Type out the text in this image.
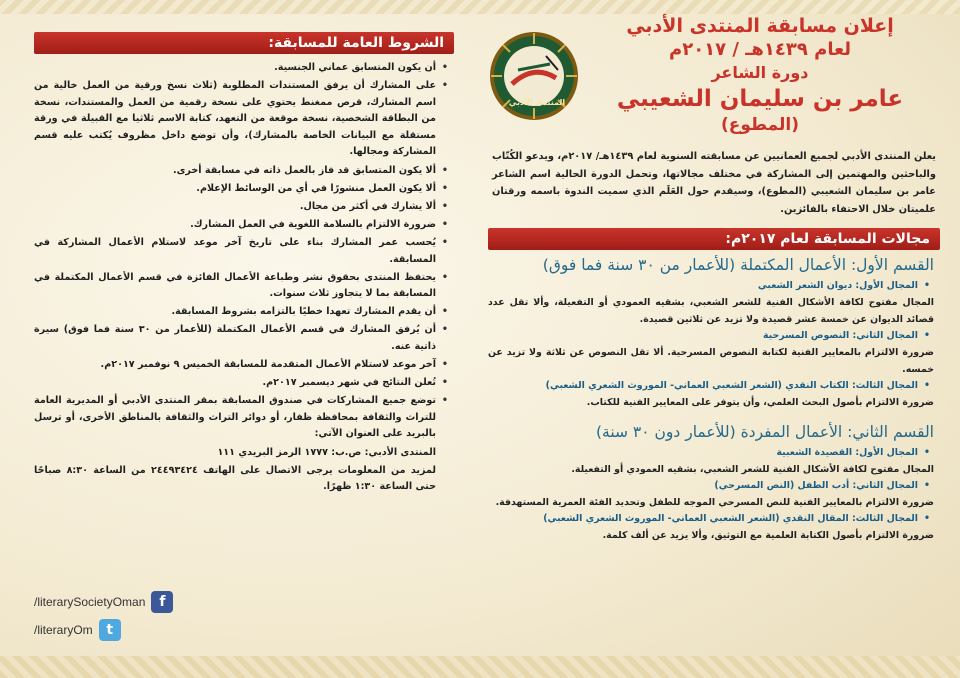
إعلان مسابقة المنتدى الأدبي
لعام ١٤٣٩هـ / ٢٠١٧م
دورة الشاعر
عامر بن سليمان الشعيبي
(المطوع)
المنتدى الأدبي
يعلن المنتدى الأدبي لجميع العمانيين عن مسابقته السنوية لعام ١٤٣٩هـ/ ٢٠١٧م، ويدعو الكُتّاب والباحثين والمهتمين إلى المشاركة في مختلف مجالاتها، وتحمل الدورة الحالية اسم الشاعر عامر بن سليمان الشعيبي (المطوع)، وسيقدم حول العَلَم الذي سميت الندوة باسمه ورقتان علميتان خلال الاحتفاء بالفائزين.
مجالات المسابقة لعام ٢٠١٧م:
القسم الأول: الأعمال المكتملة (للأعمار من ٣٠ سنة فما فوق)
• المجال الأول: ديوان الشعر الشعبي
المجال مفتوح لكافة الأشكال الفنية للشعر الشعبي، بشقيه العمودي أو التفعيلة، وألا تقل عدد قصائد الديوان عن خمسة عشر قصيدة ولا تزيد عن ثلاثين قصيدة.
• المجال الثاني: النصوص المسرحية
ضرورة الالتزام بالمعايير الفنية لكتابة النصوص المسرحية. ألا تقل النصوص عن ثلاثة ولا تزيد عن خمسه.
• المجال الثالث: الكتاب النقدي (الشعر الشعبي العماني- الموروث الشعري الشعبي)
ضرورة الالتزام بأصول البحث العلمي، وأن يتوفر على المعايير الفنية للكتاب.
القسم الثاني: الأعمال المفردة (للأعمار دون ٣٠ سنة)
• المجال الأول: القصيدة الشعبية
المجال مفتوح لكافة الأشكال الفنية للشعر الشعبي، بشقيه العمودي أو التفعيلة.
• المجال الثاني: أدب الطفل (النص المسرحي)
ضرورة الالتزام بالمعايير الفنية للنص المسرحي الموجه للطفل وتحديد الفئة العمرية المستهدفة.
• المجال الثالث: المقال النقدي (الشعر الشعبي العماني- الموروث الشعري الشعبي)
ضرورة الالتزام بأصول الكتابة العلمية مع التوثيق، وألا يزيد عن ألف كلمة.
الشروط العامة للمسابقة:
• أن يكون المتسابق عماني الجنسية.
• على المشارك أن يرفق المستندات المطلوبة (ثلاث نسخ ورقية من العمل خالية من اسم المشارك، قرص ممغنط يحتوي على نسخة رقمية من العمل والمستندات، نسخة من البطاقة الشخصية، نسخة موقعة من التعهد، كتابة الاسم ثلاثيا مع القبيلة في ورقة مستقلة مع البيانات الخاصة بالمشارك)، وأن توضع داخل مظروف يُكتب عليه قسم المشاركة ومجالها.
• ألا يكون المتسابق قد فاز بالعمل ذاته في مسابقة أخرى.
• ألا يكون العمل منشورًا في أي من الوسائط الإعلام.
• ألا يشارك في أكثر من مجال.
• ضرورة الالتزام بالسلامة اللغوية في العمل المشارك.
• يُحسب عمر المشارك بناء على تاريخ آخر موعد لاستلام الأعمال المشاركة في المسابقة.
• يحتفظ المنتدى بحقوق نشر وطباعة الأعمال الفائزة في قسم الأعمال المكتملة في المسابقة بما لا يتجاوز ثلاث سنوات.
• أن يقدم المشارك تعهدا خطيًا بالتزامه بشروط المسابقة.
• أن يُرفق المشارك في قسم الأعمال المكتملة (للأعمار من ٣٠ سنة فما فوق) سيرة ذاتية عنه.
• آخر موعد لاستلام الأعمال المتقدمة للمسابقة الخميس ٩ نوفمبر ٢٠١٧م.
• تُعلن النتائج في شهر ديسمبر ٢٠١٧م.
• توضع جميع المشاركات في صندوق المسابقة بمقر المنتدى الأدبي أو المديرية العامة للتراث والثقافة بمحافظة ظفار، أو دوائر التراث والثقافة بالمناطق الأخرى، أو ترسل بالبريد على العنوان الآتي:
المنتدى الأدبي: ص.ب: ١٧٧٧ الرمز البريدي ١١١
لمزيد من المعلومات يرجى الاتصال على الهاتف ٢٤٤٩٣٤٢٤ من الساعة ٨:٣٠ صباحًا حتى الساعة ١:٣٠ ظهرًا.
f
/literarySocietyOman
t
/literaryOm
